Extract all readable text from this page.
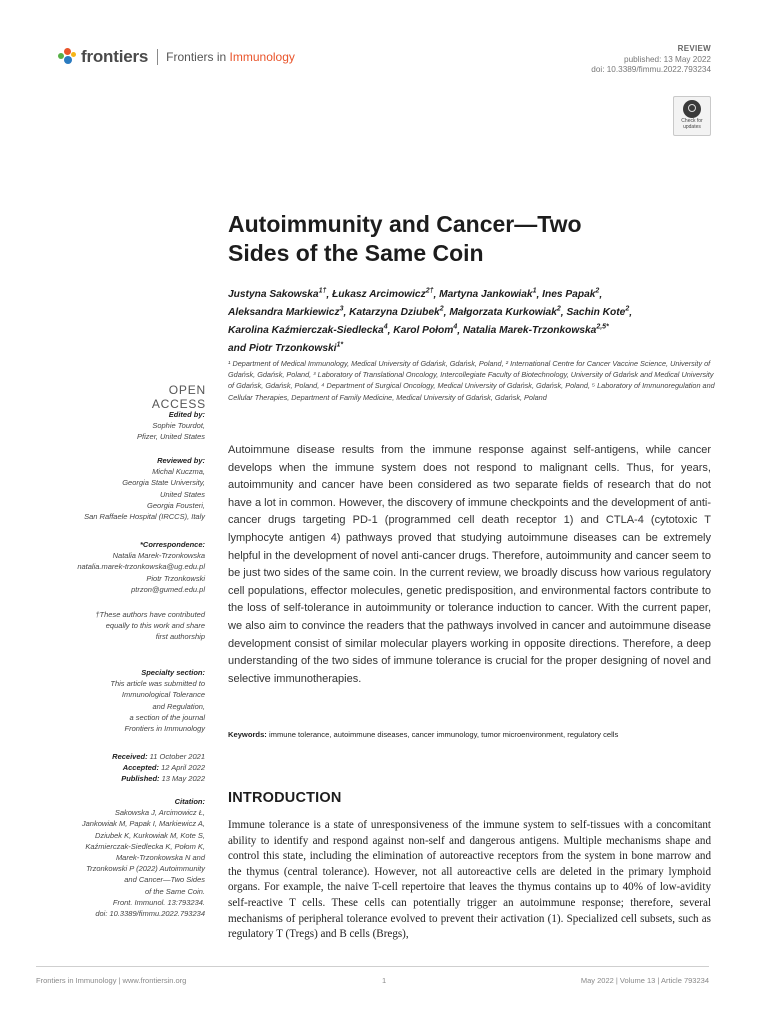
frontiers Frontiers in Immunology
REVIEW
published: 13 May 2022
doi: 10.3389/fimmu.2022.793234
Check for
updates
Autoimmunity and Cancer—Two
Sides of the Same Coin
Justyna Sakowska$^{1\dagger}$, Łukasz Arcimowicz$^{2\dagger}$, Martyna Jankowiak$^1$, Ines Papak$^2$,
Aleksandra Markiewicz$^3$, Katarzyna Dziubek$^2$, Małgorzata Kurkowiak$^2$, Sachin Kote$^2$,
Karolina Kaźmierczak-Siedlecka$^4$, Karol Połom$^4$, Natalia Marek-Trzonkowska$^{2,5*}$
and Piotr Trzonkowski$^{1*}$
¹ Department of Medical Immunology, Medical University of Gdańsk, Gdańsk, Poland, ² International Centre for Cancer Vaccine Science, University of Gdańsk, Gdańsk, Poland, ³ Laboratory of Translational Oncology, Intercollegiate Faculty of Biotechnology, University of Gdańsk and Medical University of Gdańsk, Gdańsk, Poland, ⁴ Department of Surgical Oncology, Medical University of Gdańsk, Gdańsk, Poland, ⁵ Laboratory of Immunoregulation and Cellular Therapies, Department of Family Medicine, Medical University of Gdańsk, Gdańsk, Poland
OPEN ACCESS
Edited by:
Sophie Tourdot,
Pfizer, United States
Reviewed by:
Michal Kuczma,
Georgia State University,
United States
Georgia Fousteri,
San Raffaele Hospital (IRCCS), Italy
*Correspondence:
Natalia Marek-Trzonkowska
natalia.marek-trzonkowska@ug.edu.pl
Piotr Trzonkowski
ptrzon@gumed.edu.pl
†These authors have contributed
equally to this work and share
first authorship
Specialty section:
This article was submitted to
Immunological Tolerance
and Regulation,
a section of the journal
Frontiers in Immunology
Received: 11 October 2021
Accepted: 12 April 2022
Published: 13 May 2022
Citation:
Sakowska J, Arcimowicz Ł,
Jankowiak M, Papak I, Markiewicz A,
Dziubek K, Kurkowiak M, Kote S,
Kaźmierczak-Siedlecka K, Połom K,
Marek-Trzonkowska N and
Trzonkowski P (2022) Autoimmunity
and Cancer—Two Sides
of the Same Coin.
Front. Immunol. 13:793234.
doi: 10.3389/fimmu.2022.793234
Autoimmune disease results from the immune response against self-antigens, while cancer develops when the immune system does not respond to malignant cells. Thus, for years, autoimmunity and cancer have been considered as two separate fields of research that do not have a lot in common. However, the discovery of immune checkpoints and the development of anti-cancer drugs targeting PD-1 (programmed cell death receptor 1) and CTLA-4 (cytotoxic T lymphocyte antigen 4) pathways proved that studying autoimmune diseases can be extremely helpful in the development of novel anti-cancer drugs. Therefore, autoimmunity and cancer seem to be just two sides of the same coin. In the current review, we broadly discuss how various regulatory cell populations, effector molecules, genetic predisposition, and environmental factors contribute to the loss of self-tolerance in autoimmunity or tolerance induction to cancer. With the current paper, we also aim to convince the readers that the pathways involved in cancer and autoimmune disease development consist of similar molecular players working in opposite directions. Therefore, a deep understanding of the two sides of immune tolerance is crucial for the proper designing of novel and selective immunotherapies.
Keywords: immune tolerance, autoimmune diseases, cancer immunology, tumor microenvironment, regulatory cells
INTRODUCTION
Immune tolerance is a state of unresponsiveness of the immune system to self-tissues with a concomitant ability to identify and respond against non-self and dangerous antigens. Multiple mechanisms shape and control this state, including the elimination of autoreactive receptors from the system in bone marrow and the thymus (central tolerance). However, not all autoreactive cells are deleted in the primary lymphoid organs. For example, the naive T-cell repertoire that leaves the thymus contains up to 40% of low-avidity self-reactive T cells. These cells can potentially trigger an autoimmune response; therefore, several mechanisms of peripheral tolerance evolved to prevent their activation (1). Specialized cell subsets, such as regulatory T (Tregs) and B cells (Bregs),
Frontiers in Immunology | www.frontiersin.org	1	May 2022 | Volume 13 | Article 793234
